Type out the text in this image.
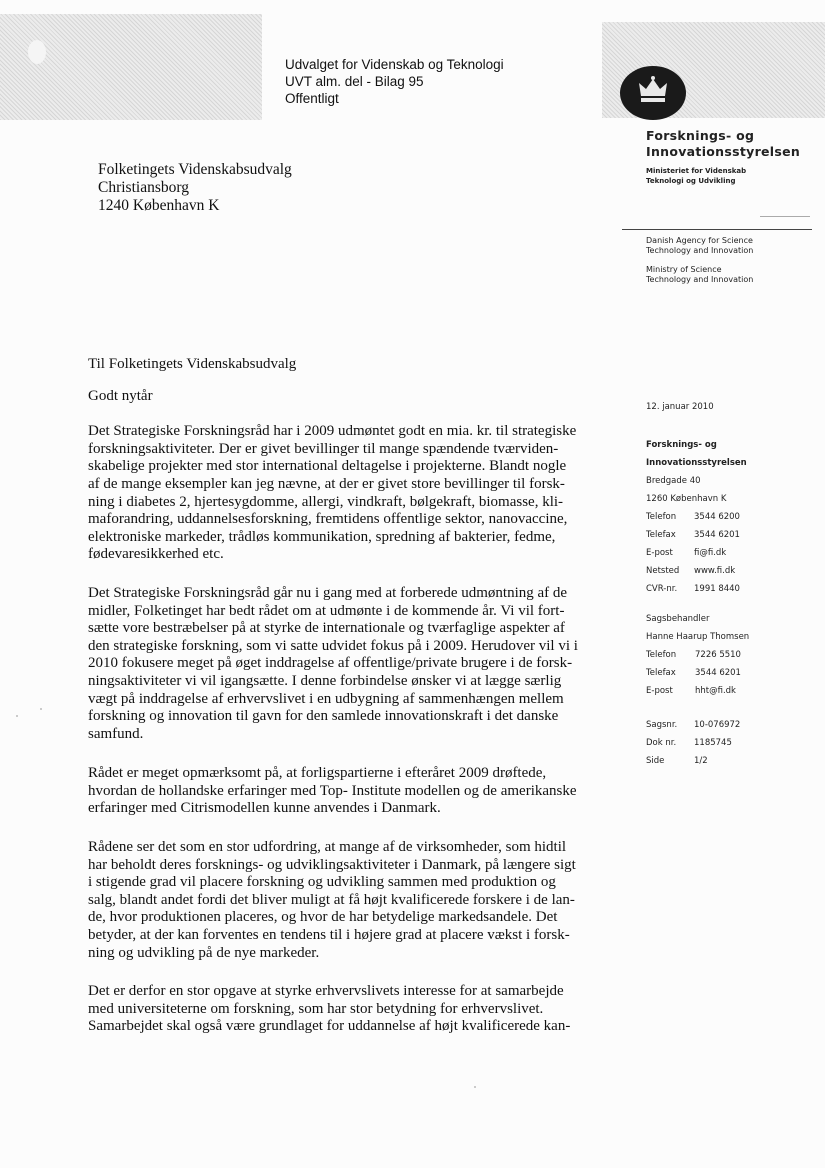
Udvalget for Videnskab og Teknologi
UVT alm. del - Bilag 95
Offentligt
Forsknings- og
Innovationsstyrelsen
Ministeriet for Videnskab
Teknologi og Udvikling
Danish Agency for Science
Technology and Innovation
Ministry of Science
Technology and Innovation
12. januar 2010
Forsknings- og
Innovationsstyrelsen
Bredgade 40
1260 København K
Telefon	3544 6200
Telefax	3544 6201
E-post	fi@fi.dk
Netsted	www.fi.dk
CVR-nr.	1991 8440
Sagsbehandler
Hanne Haarup Thomsen
Telefon	7226 5510
Telefax	3544 6201
E-post	hht@fi.dk
Sagsnr.	10-076972
Dok nr.	1185745
Side	1/2
Folketingets Videnskabsudvalg
Christiansborg
1240 København K

Til Folketingets Videnskabsudvalg

Godt nytår

Det Strategiske Forskningsråd har i 2009 udmøntet godt en mia. kr. til strategiske
forskningsaktiviteter. Der er givet bevillinger til mange spændende tværviden-
skabelige projekter med stor international deltagelse i projekterne. Blandt nogle
af de mange eksempler kan jeg nævne, at der er givet store bevillinger til forsk-
ning i diabetes 2, hjertesygdomme, allergi, vindkraft, bølgekraft, biomasse, kli-
maforandring, uddannelsesforskning, fremtidens offentlige sektor, nanovaccine,
elektroniske markeder, trådløs kommunikation, spredning af bakterier, fedme,
fødevaresikkerhed etc.
Det Strategiske Forskningsråd går nu i gang med at forberede udmøntning af de
midler, Folketinget har bedt rådet om at udmønte i de kommende år. Vi vil fort-
sætte vore bestræbelser på at styrke de internationale og tværfaglige aspekter af
den strategiske forskning, som vi satte udvidet fokus på i 2009. Herudover vil vi i
2010 fokusere meget på øget inddragelse af offentlige/private brugere i de forsk-
ningsaktiviteter vi vil igangsætte. I denne forbindelse ønsker vi at lægge særlig
vægt på inddragelse af erhvervslivet i en udbygning af sammenhængen mellem
forskning og innovation til gavn for den samlede innovationskraft i det danske
samfund.
Rådet er meget opmærksomt på, at forligspartierne i efteråret 2009 drøftede,
hvordan de hollandske erfaringer med Top- Institute modellen og de amerikanske
erfaringer med Citrismodellen kunne anvendes i Danmark.
Rådene ser det som en stor udfordring, at mange af de virksomheder, som hidtil
har beholdt deres forsknings- og udviklingsaktiviteter i Danmark, på længere sigt
i stigende grad vil placere forskning og udvikling sammen med produktion og
salg, blandt andet fordi det bliver muligt at få højt kvalificerede forskere i de lan-
de, hvor produktionen placeres, og hvor de har betydelige markedsandele. Det
betyder, at der kan forventes en tendens til i højere grad at placere vækst i forsk-
ning og udvikling på de nye markeder.
Det er derfor en stor opgave at styrke erhvervslivets interesse for at samarbejde
med universiteterne om forskning, som har stor betydning for erhvervslivet.
Samarbejdet skal også være grundlaget for uddannelse af højt kvalificerede kan-
